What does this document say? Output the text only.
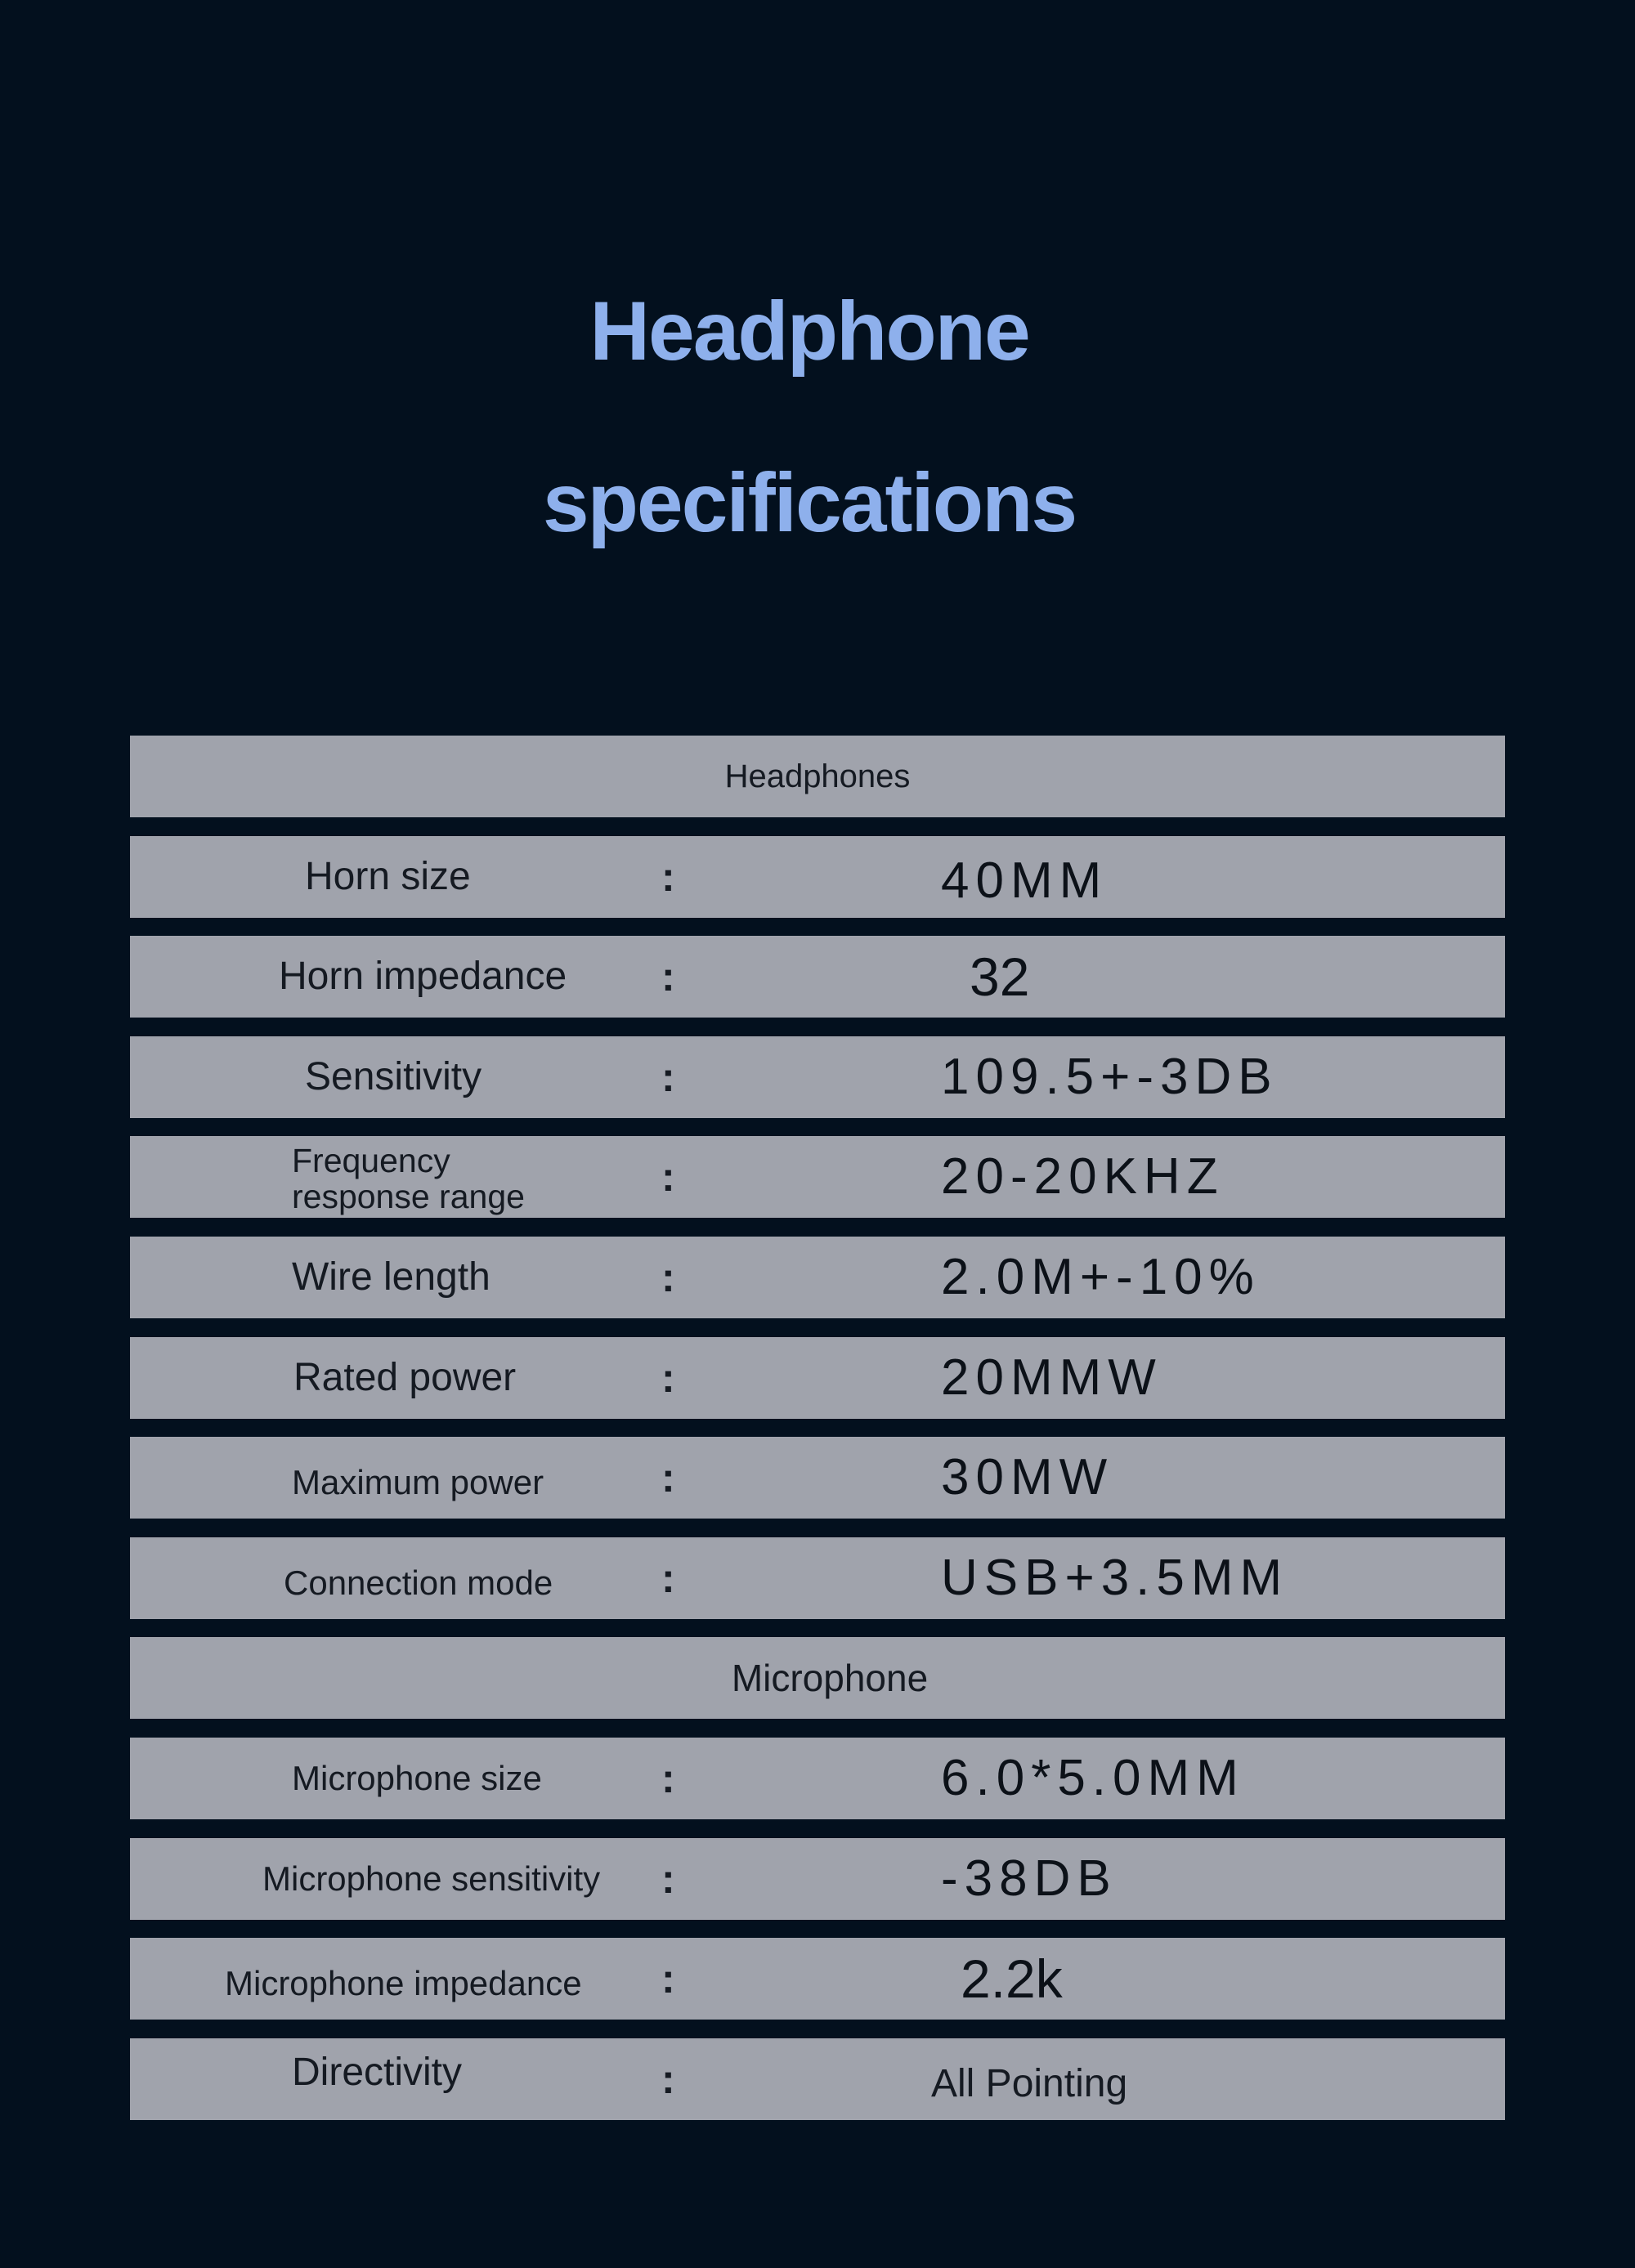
Headphone
specifications
Headphones
Horn size	:	40MM
Horn impedance :	32
Sensitivity	:	109.5+-3DB
Frequency
response range	:	20-20KHZ
Wire length	:	2.0M+-10%
Rated power	:	20MMW
Maximum power	:	30MW
Connection mode	:	USB+3.5MM
Microphone
Microphone size	:	6.0*5.0MM
Microphone sensitivity :	-38DB
Microphone impedance :	2.2k
Directivity	:	All Pointing
